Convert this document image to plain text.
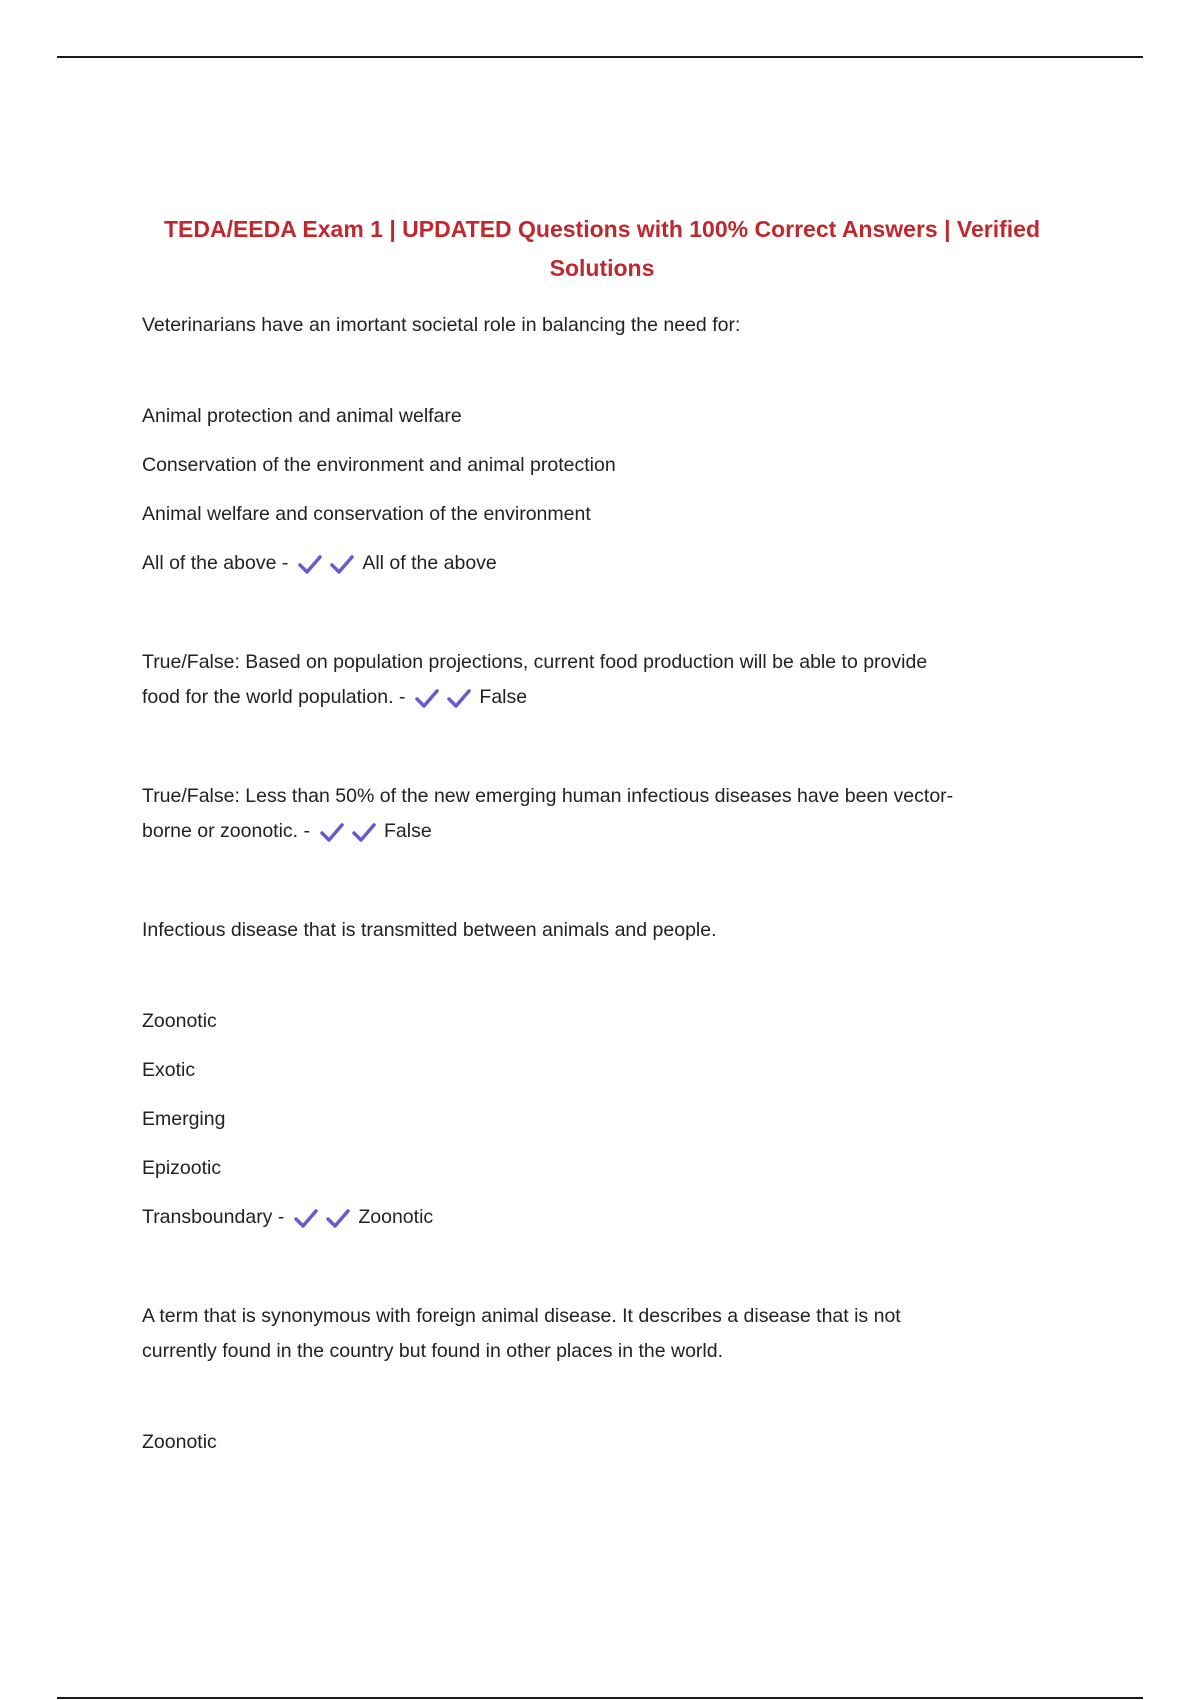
TEDA/EEDA Exam 1 | UPDATED Questions with 100% Correct Answers | Verified Solutions

Veterinarians have an imortant societal role in balancing the need for:

Animal protection and animal welfare

Conservation of the environment and animal protection

Animal welfare and conservation of the environment

All of the above -	All of the above

True/False: Based on population projections, current food production will be able to provide

food for the world population. -	False

True/False: Less than 50% of the new emerging human infectious diseases have been vector-

borne or zoonotic. -	False

Infectious disease that is transmitted between animals and people.

Zoonotic

Exotic

Emerging

Epizootic

Transboundary -	Zoonotic

A term that is synonymous with foreign animal disease. It describes a disease that is not

currently found in the country but found in other places in the world.

Zoonotic
